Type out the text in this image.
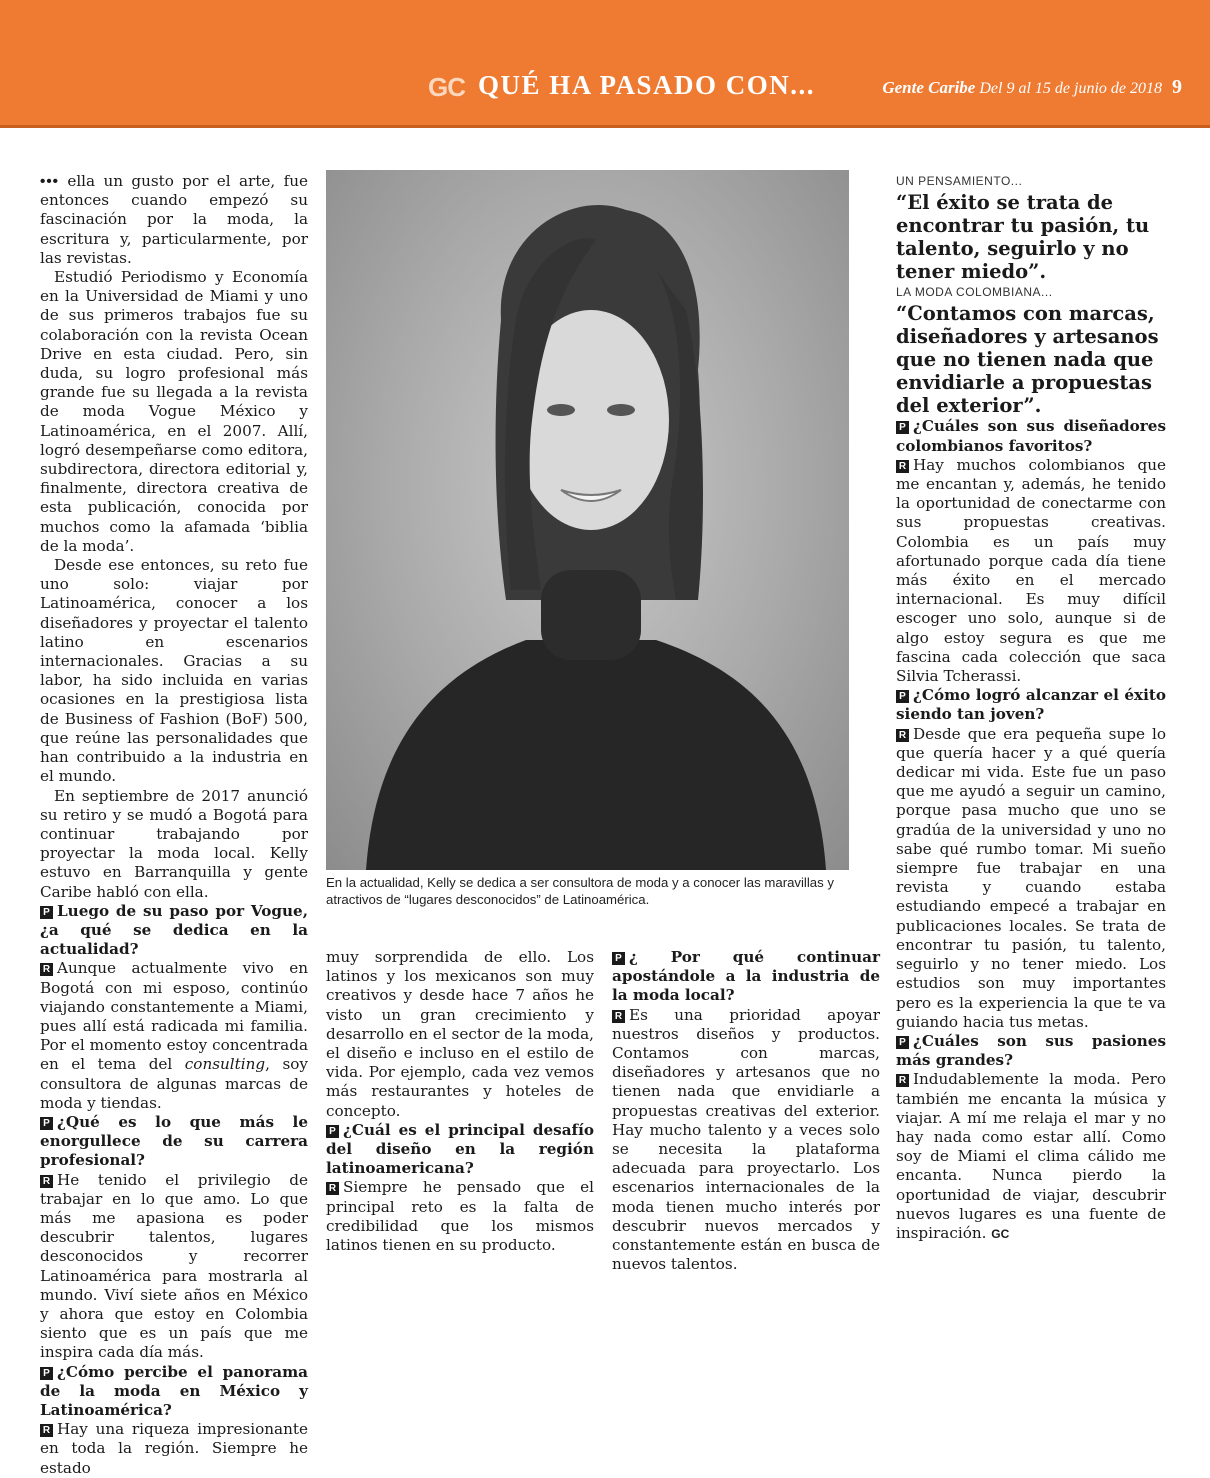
GC QUÉ HA PASADO CON...	Gente Caribe Del 9 al 15 de junio de 2018 9

••• ella un gusto por el arte, fue entonces cuando empezó su fascinación por la moda, la escritura y, particularmente, por las revistas.

Estudió Periodismo y Economía en la Universidad de Miami y uno de sus primeros trabajos fue su colaboración con la revista Ocean Drive en esta ciudad. Pero, sin duda, su logro profesional más grande fue su llegada a la revista de moda Vogue México y Latinoamérica, en el 2007. Allí, logró desempeñarse como editora, subdirectora, directora editorial y, finalmente, directora creativa de esta publicación, conocida por muchos como la afamada ‘biblia de la moda’.

Desde ese entonces, su reto fue uno solo: viajar por Latinoamérica, conocer a los diseñadores y proyectar el talento latino en escenarios internacionales. Gracias a su labor, ha sido incluida en varias ocasiones en la prestigiosa lista de Business of Fashion (BoF) 500, que reúne las personalidades que han contribuido a la industria en el mundo.

En septiembre de 2017 anunció su retiro y se mudó a Bogotá para continuar trabajando por proyectar la moda local. Kelly estuvo en Barranquilla y gente Caribe habló con ella.

P Luego de su paso por Vogue, ¿a qué se dedica en la actualidad?

R Aunque actualmente vivo en Bogotá con mi esposo, continúo viajando constantemente a Miami, pues allí está radicada mi familia. Por el momento estoy concentrada en el tema del consulting, soy consultora de algunas marcas de moda y tiendas.

P ¿Qué es lo que más le enorgullece de su carrera profesional?

R He tenido el privilegio de trabajar en lo que amo. Lo que más me apasiona es poder descubrir talentos, lugares desconocidos y recorrer Latinoamérica para mostrarla al mundo. Viví siete años en México y ahora que estoy en Colombia siento que es un país que me inspira cada día más.

P ¿Cómo percibe el panorama de la moda en México y Latinoamérica?

R Hay una riqueza impresionante en toda la región. Siempre he estado

En la actualidad, Kelly se dedica a ser consultora de moda y a conocer las maravillas y atractivos de “lugares desconocidos” de Latinoamérica.

muy sorprendida de ello. Los latinos y los mexicanos son muy creativos y desde hace 7 años he visto un gran crecimiento y desarrollo en el sector de la moda, el diseño e incluso en el estilo de vida. Por ejemplo, cada vez vemos más restaurantes y hoteles de concepto.

P ¿Cuál es el principal desafío del diseño en la región latinoamericana?

R Siempre he pensado que el principal reto es la falta de credibilidad que los mismos latinos tienen en su producto.

P ¿ Por qué continuar apostándole a la industria de la moda local?

R Es una prioridad apoyar nuestros diseños y productos. Contamos con marcas, diseñadores y artesanos que no tienen nada que envidiarle a propuestas creativas del exterior. Hay mucho talento y a veces solo se necesita la plataforma adecuada para proyectarlo. Los escenarios internacionales de la moda tienen mucho interés por descubrir nuevos mercados y constantemente están en busca de nuevos talentos.

UN PENSAMIENTO...

“El éxito se trata de encontrar tu pasión, tu talento, seguirlo y no tener miedo”.

LA MODA COLOMBIANA...

“Contamos con marcas, diseñadores y artesanos que no tienen nada que envidiarle a propuestas del exterior”.

P ¿Cuáles son sus diseñadores colombianos favoritos?

R Hay muchos colombianos que me encantan y, además, he tenido la oportunidad de conectarme con sus propuestas creativas. Colombia es un país muy afortunado porque cada día tiene más éxito en el mercado internacional. Es muy difícil escoger uno solo, aunque si de algo estoy segura es que me fascina cada colección que saca Silvia Tcherassi.

P ¿Cómo logró alcanzar el éxito siendo tan joven?

R Desde que era pequeña supe lo que quería hacer y a qué quería dedicar mi vida. Este fue un paso que me ayudó a seguir un camino, porque pasa mucho que uno se gradúa de la universidad y uno no sabe qué rumbo tomar. Mi sueño siempre fue trabajar en una revista y cuando estaba estudiando empecé a trabajar en publicaciones locales. Se trata de encontrar tu pasión, tu talento, seguirlo y no tener miedo. Los estudios son muy importantes pero es la experiencia la que te va guiando hacia tus metas.

P ¿Cuáles son sus pasiones más grandes?

R Indudablemente la moda. Pero también me encanta la música y viajar. A mí me relaja el mar y no hay nada como estar allí. Como soy de Miami el clima cálido me encanta. Nunca pierdo la oportunidad de viajar, descubrir nuevos lugares es una fuente de inspiración. GC
